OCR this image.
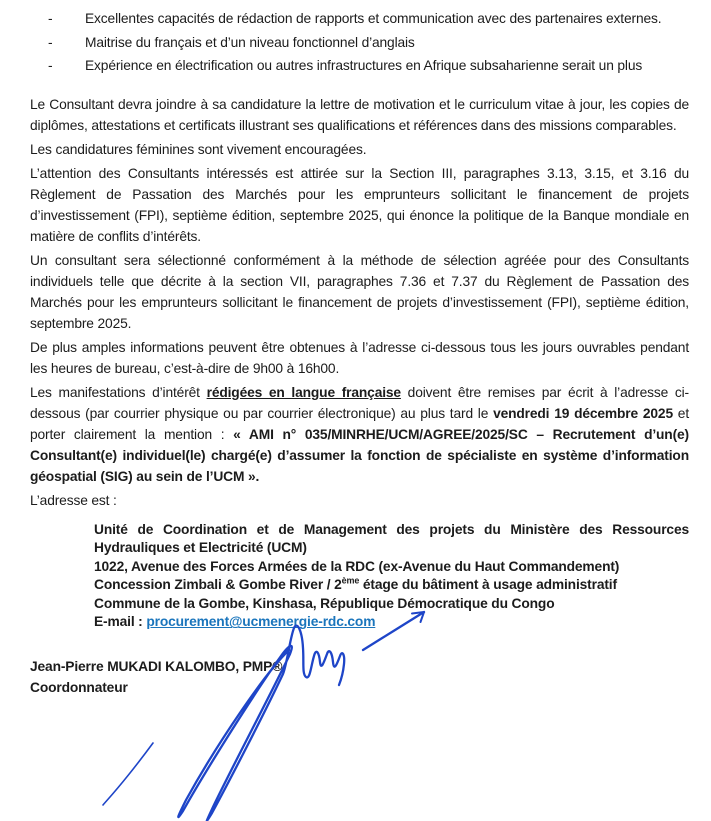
- Excellentes capacités de rédaction de rapports et communication avec des partenaires externes.
- Maitrise du français et d’un niveau fonctionnel d’anglais
- Expérience en électrification ou autres infrastructures en Afrique subsaharienne serait un plus

Le Consultant devra joindre à sa candidature la lettre de motivation et le curriculum vitae à jour, les copies de diplômes, attestations et certificats illustrant ses qualifications et références dans des missions comparables.

Les candidatures féminines sont vivement encouragées.

L’attention des Consultants intéressés est attirée sur la Section III, paragraphes 3.13, 3.15, et 3.16 du Règlement de Passation des Marchés pour les emprunteurs sollicitant le financement de projets d’investissement (FPI), septième édition, septembre 2025, qui énonce la politique de la Banque mondiale en matière de conflits d’intérêts.

Un consultant sera sélectionné conformément à la méthode de sélection agréée pour des Consultants individuels telle que décrite à la section VII, paragraphes 7.36 et 7.37 du Règlement de Passation des Marchés pour les emprunteurs sollicitant le financement de projets d’investissement (FPI), septième édition, septembre 2025.

De plus amples informations peuvent être obtenues à l’adresse ci-dessous tous les jours ouvrables pendant les heures de bureau, c’est-à-dire de 9h00 à 16h00.

Les manifestations d’intérêt rédigées en langue française doivent être remises par écrit à l’adresse ci-dessous (par courrier physique ou par courrier électronique) au plus tard le vendredi 19 décembre 2025 et porter clairement la mention : « AMI n° 035/MINRHE/UCM/AGREE/2025/SC – Recrutement d’un(e) Consultant(e) individuel(le) chargé(e) d’assumer la fonction de spécialiste en système d’information géospatial (SIG) au sein de l’UCM ».

L’adresse est :

Unité de Coordination et de Management des projets du Ministère des Ressources
Hydrauliques et Electricité (UCM)
1022, Avenue des Forces Armées de la RDC (ex-Avenue du Haut Commandement)
Concession Zimbali & Gombe River / 2ème étage du bâtiment à usage administratif
Commune de la Gombe, Kinshasa, République Démocratique du Congo
E-mail : procurement@ucmenergie-rdc.com
Jean-Pierre MUKADI KALOMBO, PMP®
Coordonnateur
